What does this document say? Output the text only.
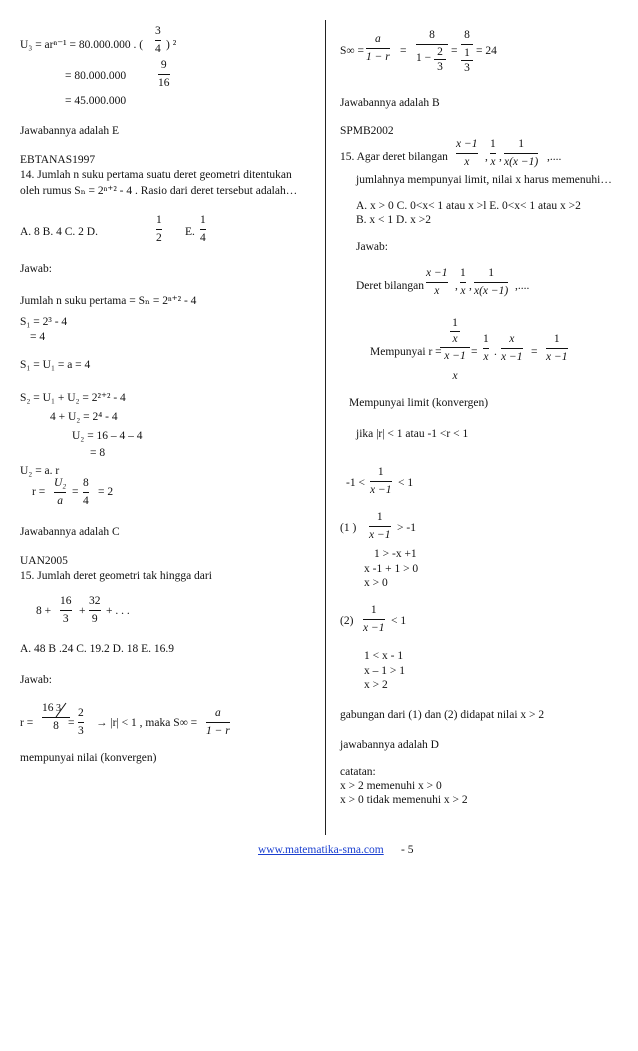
U₃ = arⁿ⁻¹ = 80.000.000 . (
3
4 ) ²
= 80.000.000
9
16
= 45.000.000
Jawabannya adalah E
EBTANAS1997
14. Jumlah n suku pertama suatu deret geometri ditentukan
oleh rumus Sₙ = 2ⁿ⁺² - 4 . Rasio dari deret tersebut adalah…
A. 8 B. 4 C. 2 D.
1
2 E.
1
4
Jawab:
Jumlah n suku pertama = Sₙ = 2ⁿ⁺² - 4
S₁ = 2³ - 4
= 4
S₁ = U₁ = a = 4
S₂ = U₁ + U₂ = 2²⁺² - 4
4 + U₂ = 2⁴ - 4
U₂ = 16 – 4 – 4
= 8
U₂ = a. r
r =
U₂
a
=
8
4
= 2
Jawabannya adalah C
UAN2005
15. Jumlah deret geometri tak hingga dari
8 +
16
3
+
32
9
+ . . .
A. 48 B .24 C. 19.2 D. 18 E. 16.9
Jawab:
r =
16 3
8 =
2
3
→ |r| < 1 , maka S∞ =
a
1 − r
mempunyai nilai (konvergen)
S∞ =
a
1 − r =
8
1 − 2
3
=
8
1
3
= 24
Jawabannya adalah B
SPMB2002
15. Agar deret bilangan
x −1
x	,
1
x ,
1
x(x −1) ,....
jumlahnya mempunyai limit, nilai x harus memenuhi…
A. x > 0 C. 0<x< 1 atau x >l E. 0<x< 1 atau x >2
B. x < 1 D. x >2
Jawab:
Deret bilangan
x −1
x	,
1
x ,
1
x(x −1) ,....
Mempunyai r =
1
x
x −1
x
=
1
x .
x
x −1 =
1
x −1
Mempunyai limit (konvergen)
jika |r| < 1 atau -1 <r < 1
-1 <
1
x −1
< 1
(1 )
1
x −1
> -1
1 > -x +1
x -1 + 1 > 0
x > 0
(2)
1
x −1
< 1
1 < x - 1
x – 1 > 1
x > 2
gabungan dari (1) dan (2) didapat nilai x > 2
jawabannya adalah D
catatan:
x > 2 memenuhi x > 0
x > 0 tidak memenuhi x > 2
www.matematika-sma.com - 5
